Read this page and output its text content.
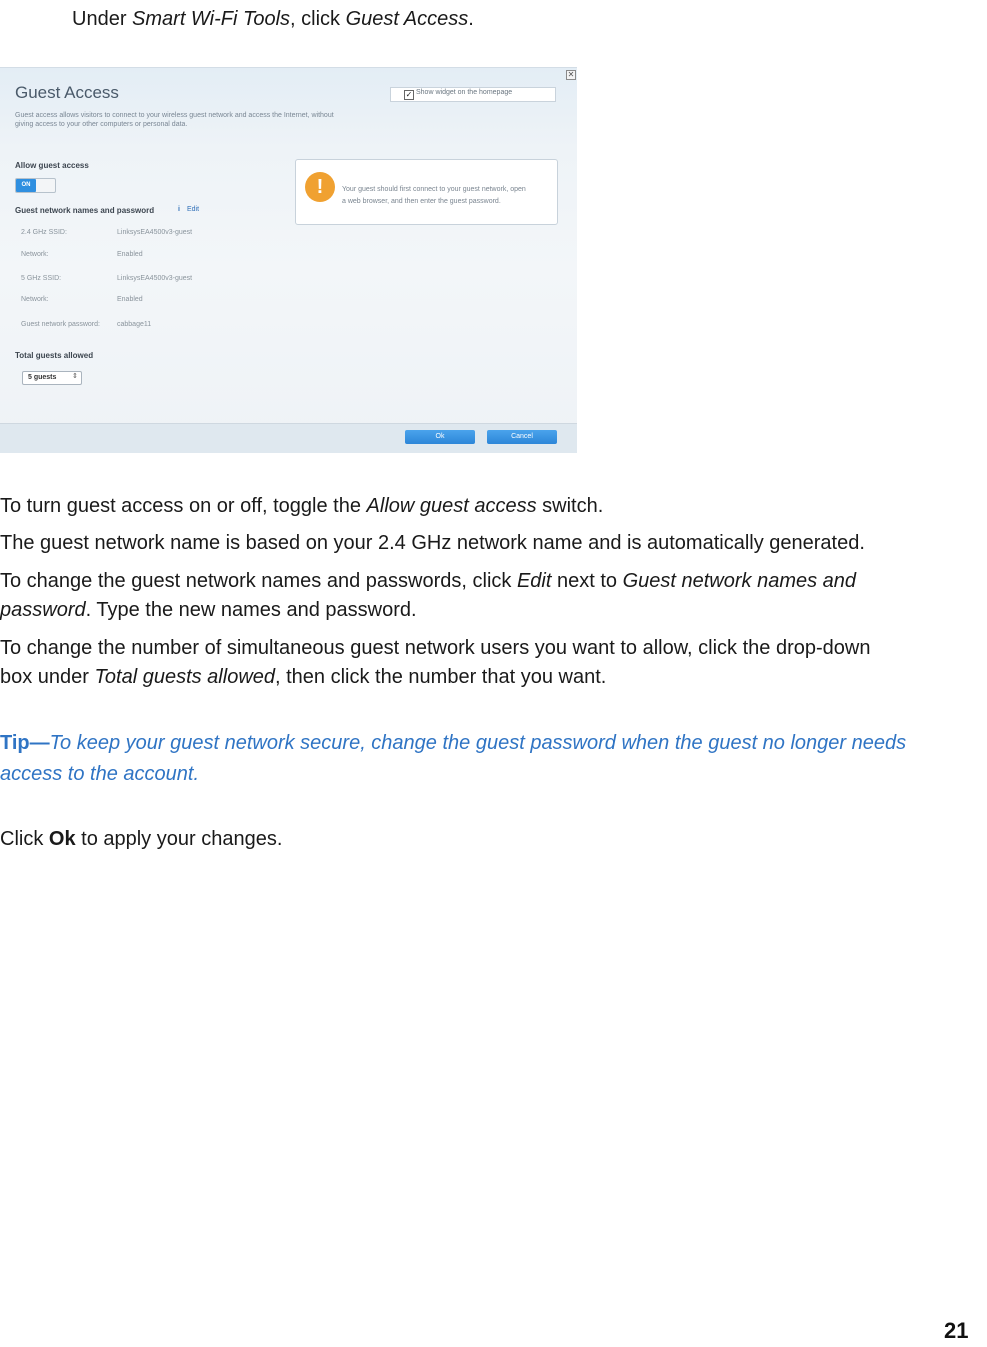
Under Smart Wi-Fi Tools, click Guest Access.

✕
Guest Access
Guest access allows visitors to connect to your wireless guest network and access the Internet, without
giving access to your other computers or personal data.
✓ Show widget on the homepage
Allow guest access
ON
Guest network names and password	i Edit
2.4 GHz SSID:	LinksysEA4500v3-guest
Network:	Enabled
5 GHz SSID:	LinksysEA4500v3-guest
Network:	Enabled
Guest network password: cabbage11
Total guests allowed
5 guests ⇕
!	Your guest should first connect to your guest network, open
a web browser, and then enter the guest password.
Ok	Cancel

To turn guest access on or off, toggle the Allow guest access switch.

The guest network name is based on your 2.4 GHz network name and is automatically generated.

To change the guest network names and passwords, click Edit next to Guest network names and

password. Type the new names and password.

To change the number of simultaneous guest network users you want to allow, click the drop-down

box under Total guests allowed, then click the number that you want.

Tip—To keep your guest network secure, change the guest password when the guest no longer needs

access to the account.

Click Ok to apply your changes.

21
